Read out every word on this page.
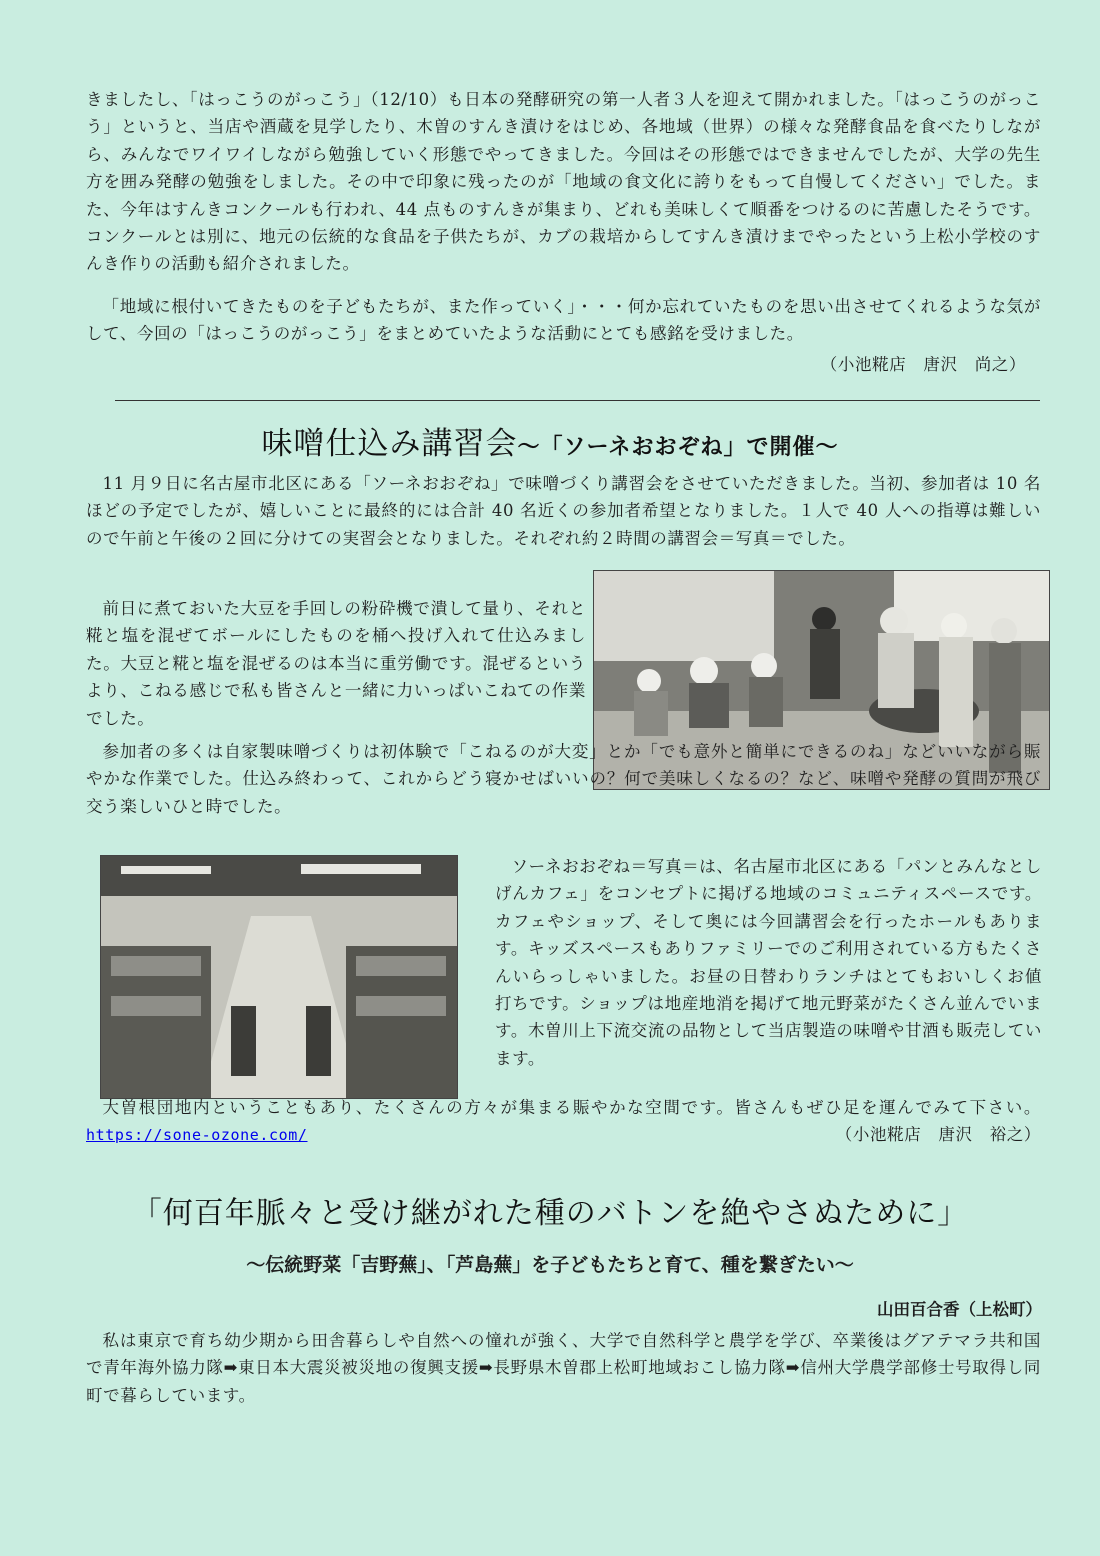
きましたし、「はっこうのがっこう」（12/10）も日本の発酵研究の第一人者３人を迎えて開かれました。「はっこうのがっこう」というと、当店や酒蔵を見学したり、木曽のすんき漬けをはじめ、各地域（世界）の様々な発酵食品を食べたりしながら、みんなでワイワイしながら勉強していく形態でやってきました。今回はその形態ではできませんでしたが、大学の先生方を囲み発酵の勉強をしました。その中で印象に残ったのが「地域の食文化に誇りをもって自慢してください」でした。また、今年はすんきコンクールも行われ、44 点ものすんきが集まり、どれも美味しくて順番をつけるのに苦慮したそうです。コンクールとは別に、地元の伝統的な食品を子供たちが、カブの栽培からしてすんき漬けまでやったという上松小学校のすんき作りの活動も紹介されました。

「地域に根付いてきたものを子どもたちが、また作っていく」・・・何か忘れていたものを思い出させてくれるような気がして、今回の「はっこうのがっこう」をまとめていたような活動にとても感銘を受けました。

（小池糀店　唐沢　尚之）

味噌仕込み講習会～「ソーネおおぞね」で開催～

11 月９日に名古屋市北区にある「ソーネおおぞね」で味噌づくり講習会をさせていただきました。当初、参加者は 10 名ほどの予定でしたが、嬉しいことに最終的には合計 40 名近くの参加者希望となりました。１人で 40 人への指導は難しいので午前と午後の２回に分けての実習会となりました。それぞれ約２時間の講習会＝写真＝でした。

前日に煮ておいた大豆を手回しの粉砕機で潰して量り、それと糀と塩を混ぜてボールにしたものを桶へ投げ入れて仕込みました。大豆と糀と塩を混ぜるのは本当に重労働です。混ぜるというより、こねる感じで私も皆さんと一緒に力いっぱいこねての作業でした。

参加者の多くは自家製味噌づくりは初体験で「こねるのが大変」とか「でも意外と簡単にできるのね」などいいながら賑やかな作業でした。仕込み終わって、これからどう寝かせばいいの？何で美味しくなるの？など、味噌や発酵の質問が飛び交う楽しいひと時でした。

ソーネおおぞね＝写真＝は、名古屋市北区にある「パンとみんなとしげんカフェ」をコンセプトに掲げる地域のコミュニティスペースです。カフェやショップ、そして奥には今回講習会を行ったホールもあります。キッズスペースもありファミリーでのご利用されている方もたくさんいらっしゃいました。お昼の日替わりランチはとてもおいしくお値打ちです。ショップは地産地消を掲げて地元野菜がたくさん並んでいます。木曽川上下流交流の品物として当店製造の味噌や甘酒も販売しています。

大曽根団地内ということもあり、たくさんの方々が集まる賑やかな空間です。皆さんもぜひ足を運んでみて下さい。 https://sone-ozone.com/	（小池糀店　唐沢　裕之）

「何百年脈々と受け継がれた種のバトンを絶やさぬために」
～伝統野菜「吉野蕪」、「芦島蕪」を子どもたちと育て、種を繋ぎたい～
山田百合香（上松町）

私は東京で育ち幼少期から田舎暮らしや自然への憧れが強く、大学で自然科学と農学を学び、卒業後はグアテマラ共和国で青年海外協力隊➡東日本大震災被災地の復興支援➡長野県木曽郡上松町地域おこし協力隊➡信州大学農学部修士号取得し同町で暮らしています。
